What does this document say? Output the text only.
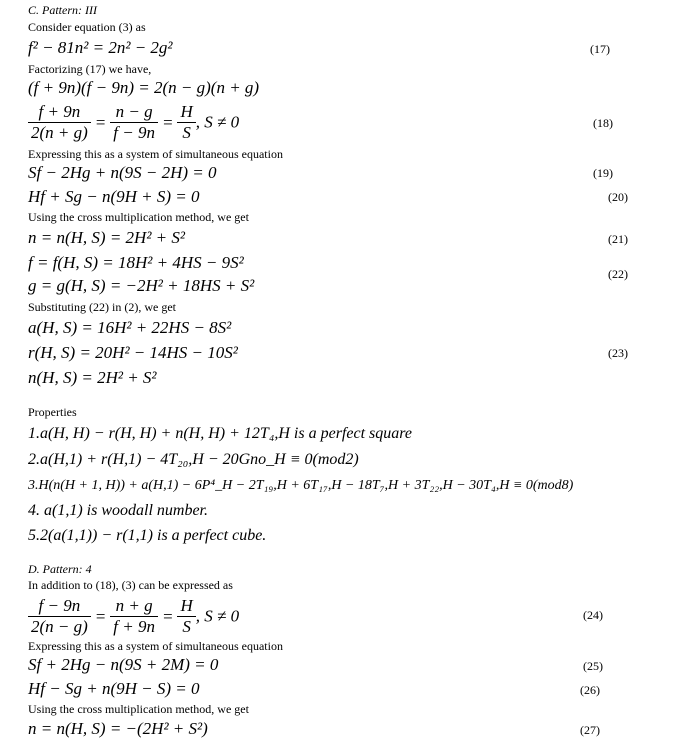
C. Pattern: III
Consider equation (3) as
f² − 81n² = 2n² − 2g²	(17)
Factorizing (17) we have,
(f + 9n)(f − 9n) = 2(n − g)(n + g)
$\frac{f + 9n}{2(n + g)} = \frac{n - g}{f - 9n} = \frac{H}{S}$ , S ≠ 0	(18)
Expressing this as a system of simultaneous equation
Sf − 2Hg + n(9S − 2H) = 0	(19)
Hf + Sg − n(9H + S) = 0	(20)
Using the cross multiplication method, we get
n = n(H, S) = 2H² + S²	(21)
f = f(H, S) = 18H² + 4HS − 9S²
(22)
g = g(H, S) = −2H² + 18HS + S²
Substituting (22) in (2), we get
a(H, S) = 16H² + 22HS − 8S²
r(H, S) = 20H² − 14HS − 10S²	(23)
n(H, S) = 2H² + S²
Properties
1.a(H, H) − r(H, H) + n(H, H) + 12T₄,H is a perfect square
2.a(H,1) + r(H,1) − 4T₂₀,H − 20Gno_H ≡ 0(mod2)
3.H(n(H + 1, H)) + a(H,1) − 6P⁴_H − 2T₁₉,H + 6T₁₇,H − 18T₇,H + 3T₂₂,H − 30T₄,H ≡ 0(mod8)
4. a(1,1) is woodall number.
5.2(a(1,1)) − r(1,1) is a perfect cube.
D. Pattern: 4
In addition to (18), (3) can be expressed as
$\frac{f - 9n}{2(n - g)} = \frac{n + g}{f + 9n} = \frac{H}{S}$ , S ≠ 0	(24)
Expressing this as a system of simultaneous equation
Sf + 2Hg − n(9S + 2M) = 0	(25)
Hf − Sg + n(9H − S) = 0	(26)
Using the cross multiplication method, we get
n = n(H, S) = −(2H² + S²)	(27)
